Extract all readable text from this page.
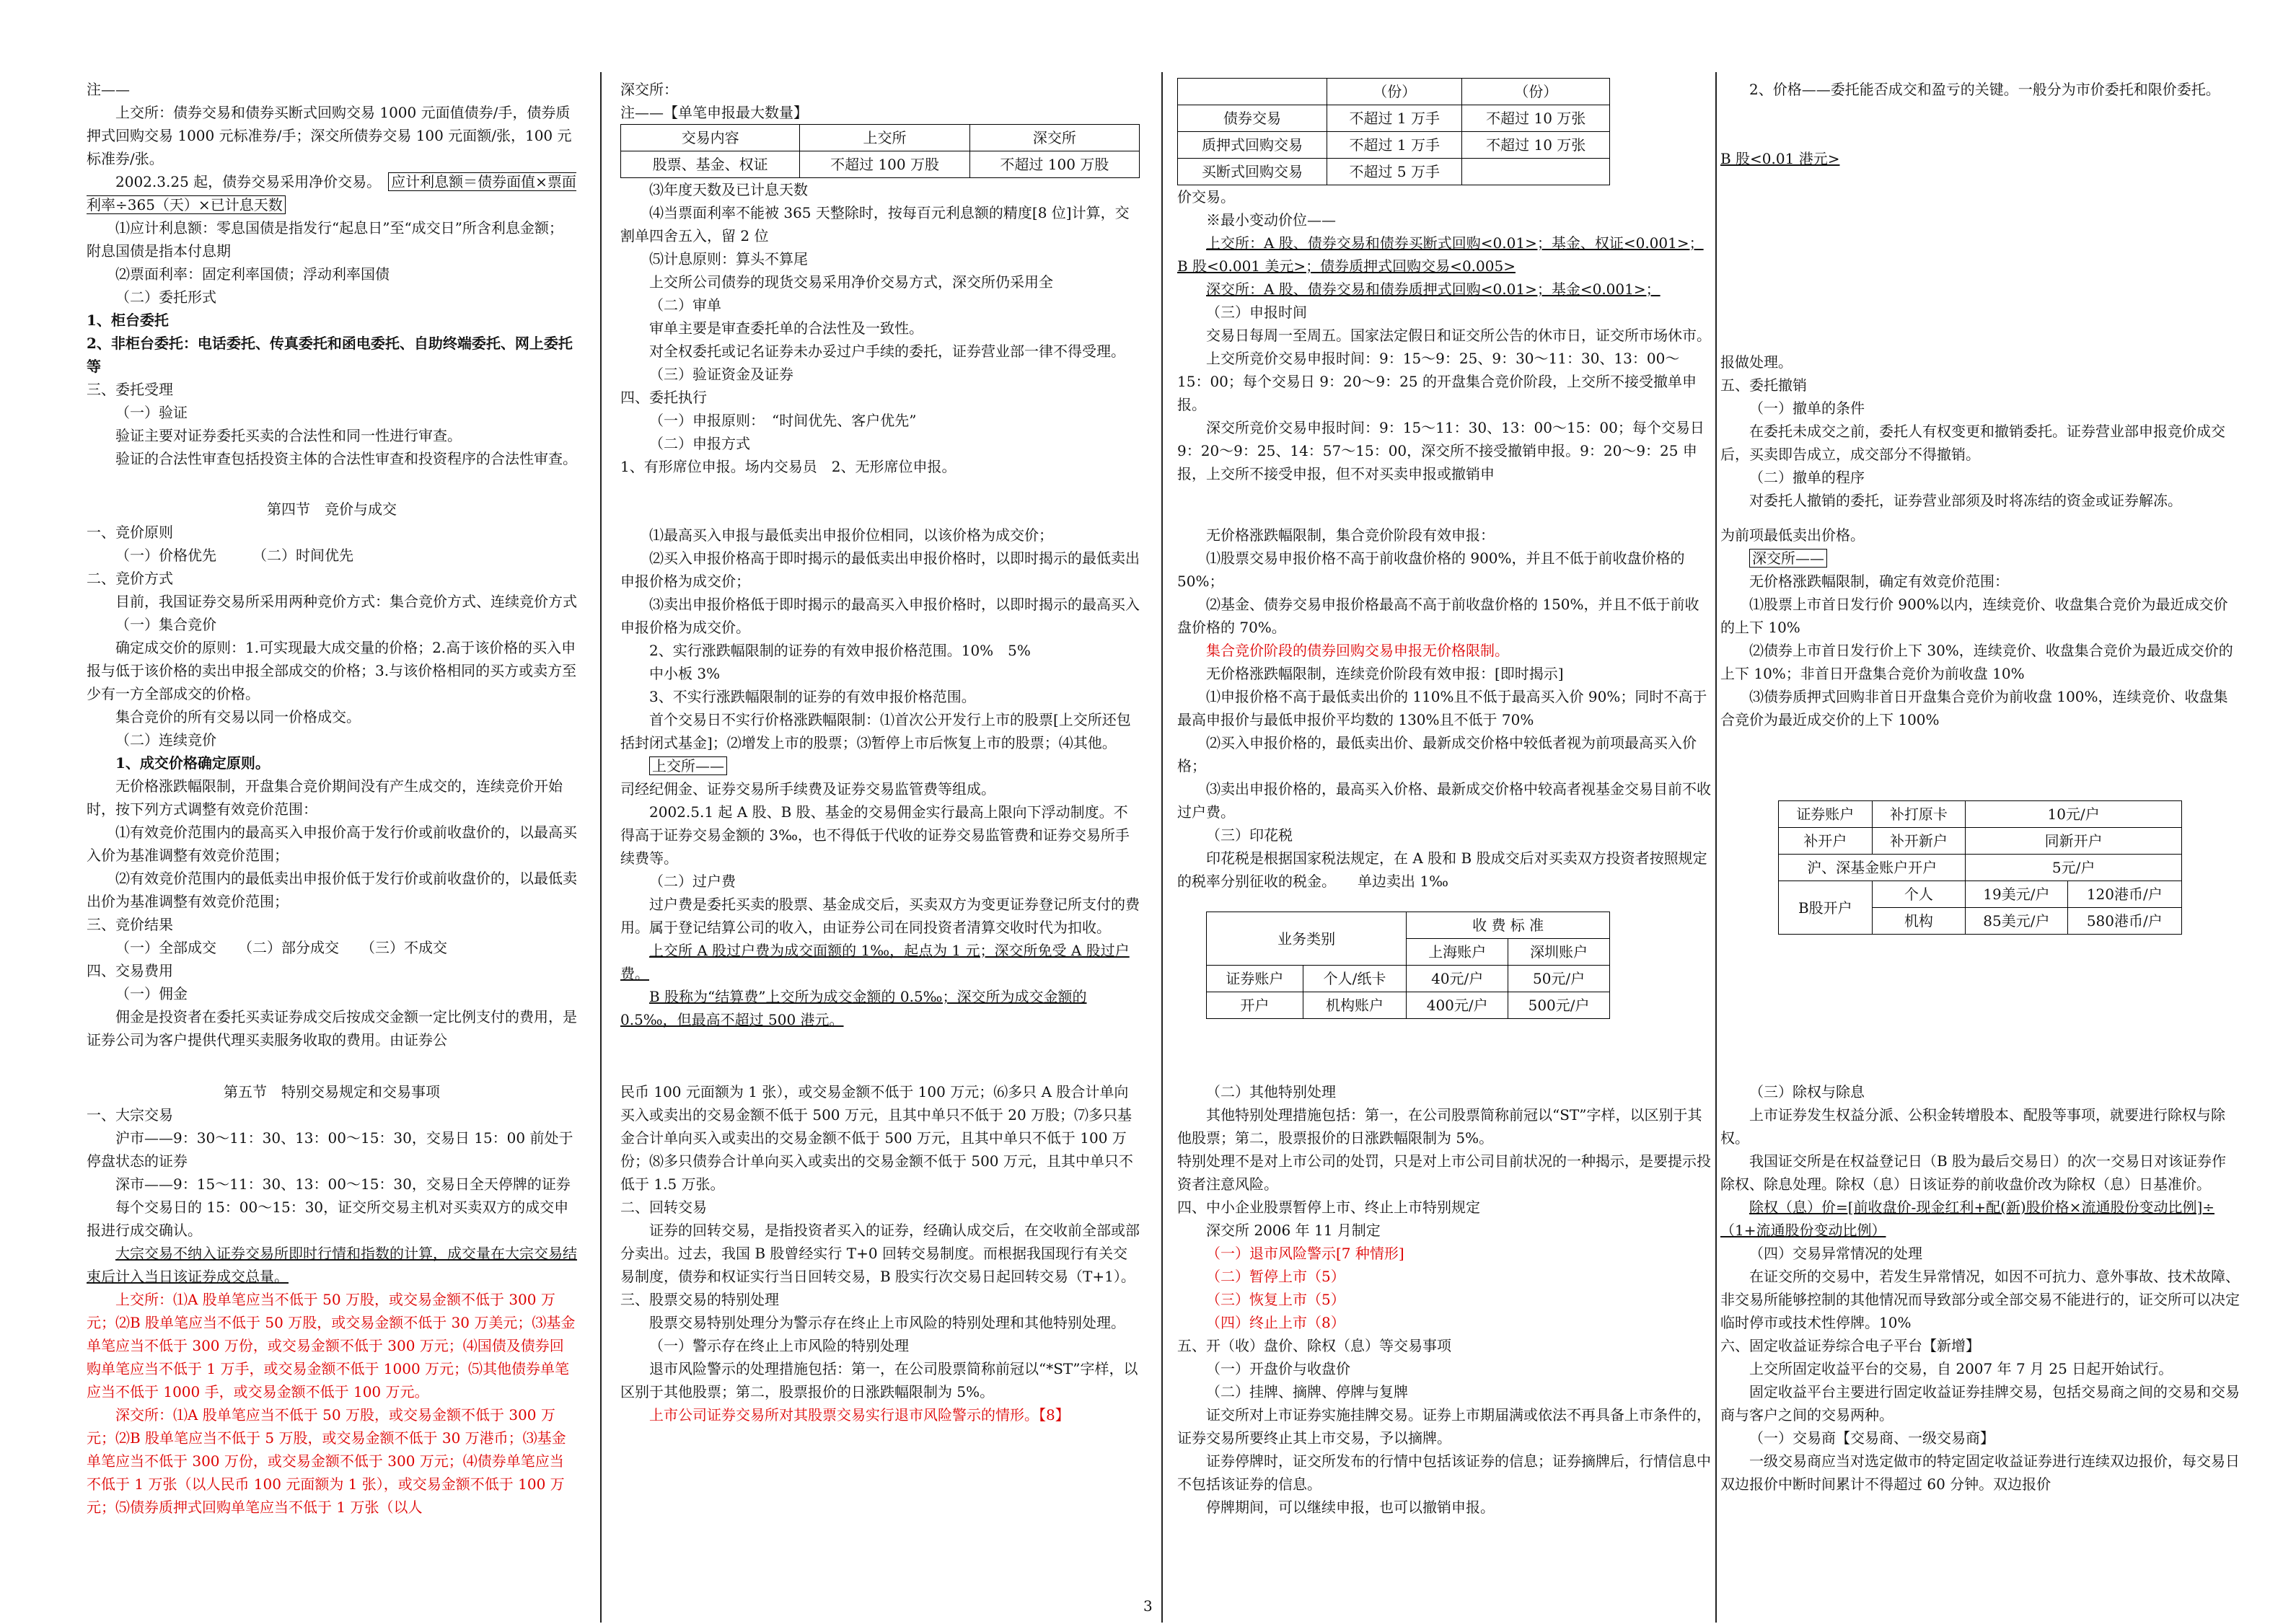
注——

上交所：债券交易和债券买断式回购交易 1000 元面值债券/手，债券质押式回购交易 1000 元标准券/手；深交所债券交易 100 元面额/张，100 元标准券/张。

2002.3.25 起，债券交易采用净价交易。　 应计利息额＝债券面值×票面利率÷365（天）×已计息天数

⑴应计利息额：零息国债是指发行“起息日”至“成交日”所含利息金额；附息国债是指本付息期

⑵票面利率：固定利率国债；浮动利率国债

（二）委托形式

1、柜台委托

2、非柜台委托：电话委托、传真委托和函电委托、自助终端委托、网上委托等

三、委托受理

（一）验证

验证主要对证券委托买卖的合法性和同一性进行审查。

验证的合法性审查包括投资主体的合法性审查和投资程序的合法性审查。

第四节　竞价与成交

一、竞价原则

（一）价格优先　　　（二）时间优先

二、竞价方式

目前，我国证券交易所采用两种竞价方式：集合竞价方式、连续竞价方式

（一）集合竞价

确定成交价的原则：1.可实现最大成交量的价格；2.高于该价格的买入申报与低于该价格的卖出申报全部成交的价格；3.与该价格相同的买方或卖方至少有一方全部成交的价格。

集合竞价的所有交易以同一价格成交。

（二）连续竞价

1、成交价格确定原则。

无价格涨跌幅限制，开盘集合竞价期间没有产生成交的，连续竞价开始时，按下列方式调整有效竞价范围：

⑴有效竞价范围内的最高买入申报价高于发行价或前收盘价的，以最高买入价为基准调整有效竞价范围；

⑵有效竞价范围内的最低卖出申报价低于发行价或前收盘价的，以最低卖出价为基准调整有效竞价范围；

三、竞价结果

（一）全部成交　　（二）部分成交　　（三）不成交

四、交易费用

（一）佣金

佣金是投资者在委托买卖证券成交后按成交金额一定比例支付的费用，是证券公司为客户提供代理买卖服务收取的费用。由证券公

第五节　特别交易规定和交易事项

一、大宗交易

沪市——9：30～11：30、13：00～15：30，交易日 15：00 前处于停盘状态的证券

深市——9：15～11：30、13：00～15：30，交易日全天停牌的证券

每个交易日的 15：00～15：30，证交所交易主机对买卖双方的成交申报进行成交确认。

大宗交易不纳入证券交易所即时行情和指数的计算，成交量在大宗交易结束后计入当日该证券成交总量。

上交所：⑴A 股单笔应当不低于 50 万股，或交易金额不低于 300 万元；⑵B 股单笔应当不低于 50 万股，或交易金额不低于 30 万美元；⑶基金单笔应当不低于 300 万份，或交易金额不低于 300 万元；⑷国债及债券回购单笔应当不低于 1 万手，或交易金额不低于 1000 万元；⑸其他债券单笔应当不低于 1000 手，或交易金额不低于 100 万元。

深交所：⑴A 股单笔应当不低于 50 万股，或交易金额不低于 300 万元；⑵B 股单笔应当不低于 5 万股，或交易金额不低于 30 万港币；⑶基金单笔应当不低于 300 万份，或交易金额不低于 300 万元；⑷债券单笔应当不低于 1 万张（以人民币 100 元面额为 1 张），或交易金额不低于 100 万元；⑸债券质押式回购单笔应当不低于 1 万张（以人

深交所：

注——【单笔申报最大数量】

交易内容	上交所	深交所
股票、基金、权证	不超过 100 万股	不超过 100 万股

⑶年度天数及已计息天数

⑷当票面利率不能被 365 天整除时，按每百元利息额的精度[8 位]计算，交割单四舍五入，留 2 位

⑸计息原则：算头不算尾

上交所公司债券的现货交易采用净价交易方式，深交所仍采用全

（二）审单

审单主要是审查委托单的合法性及一致性。

对全权委托或记名证券未办妥过户手续的委托，证券营业部一律不得受理。

（三）验证资金及证券

四、委托执行

（一）申报原则：　“时间优先、客户优先”

（二）申报方式

1、有形席位申报。场内交易员　2、无形席位申报。

⑴最高买入申报与最低卖出申报价位相同，以该价格为成交价；

⑵买入申报价格高于即时揭示的最低卖出申报价格时，以即时揭示的最低卖出申报价格为成交价；

⑶卖出申报价格低于即时揭示的最高买入申报价格时，以即时揭示的最高买入申报价格为成交价。

2、实行涨跌幅限制的证券的有效申报价格范围。10%　5%

中小板 3%

3、不实行涨跌幅限制的证券的有效申报价格范围。

首个交易日不实行价格涨跌幅限制：⑴首次公开发行上市的股票[上交所还包括封闭式基金]；⑵增发上市的股票；⑶暂停上市后恢复上市的股票；⑷其他。

上交所——

司经纪佣金、证券交易所手续费及证券交易监管费等组成。

2002.5.1 起 A 股、B 股、基金的交易佣金实行最高上限向下浮动制度。不得高于证券交易金额的 3‰，也不得低于代收的证券交易监管费和证券交易所手续费等。

（二）过户费

过户费是委托买卖的股票、基金成交后，买卖双方为变更证券登记所支付的费用。属于登记结算公司的收入，由证券公司在同投资者清算交收时代为扣收。

上交所 A 股过户费为成交面额的 1‰，起点为 1 元；深交所免受 A 股过户费。

B 股称为“结算费”上交所为成交金额的 0.5‰；深交所为成交金额的 0.5‰，但最高不超过 500 港元。

民币 100 元面额为 1 张），或交易金额不低于 100 万元；⑹多只 A 股合计单向买入或卖出的交易金额不低于 500 万元，且其中单只不低于 20 万股；⑺多只基金合计单向买入或卖出的交易金额不低于 500 万元，且其中单只不低于 100 万份；⑻多只债券合计单向买入或卖出的交易金额不低于 500 万元，且其中单只不低于 1.5 万张。

二、回转交易

证券的回转交易，是指投资者买入的证券，经确认成交后，在交收前全部或部分卖出。过去，我国 B 股曾经实行 T+0 回转交易制度。而根据我国现行有关交易制度，债券和权证实行当日回转交易，B 股实行次交易日起回转交易（T+1）。

三、股票交易的特别处理

股票交易特别处理分为警示存在终止上市风险的特别处理和其他特别处理。

（一）警示存在终止上市风险的特别处理

退市风险警示的处理措施包括：第一，在公司股票简称前冠以“*ST”字样，以区别于其他股票；第二，股票报价的日涨跌幅限制为 5%。

上市公司证券交易所对其股票交易实行退市风险警示的情形。【8】

	（份）	（份）
债券交易	不超过 1 万手	不超过 10 万张
质押式回购交易	不超过 1 万手	不超过 10 万张
买断式回购交易	不超过 5 万手	

价交易。

※最小变动价位——

上交所：A 股、债券交易和债券买断式回购<0.01>；基金、权证<0.001>；B 股<0.001 美元>；债券质押式回购交易<0.005>

深交所：A 股、债券交易和债券质押式回购<0.01>；基金<0.001>；

（三）申报时间

交易日每周一至周五。国家法定假日和证交所公告的休市日，证交所市场休市。

上交所竞价交易申报时间：9：15～9：25、9：30～11：30、13：00～15：00；每个交易日 9：20～9：25 的开盘集合竞价阶段，上交所不接受撤单申报。

深交所竞价交易申报时间：9：15～11：30、13：00～15：00；每个交易日 9：20～9：25、14：57～15：00，深交所不接受撤销申报。9：20～9：25 申报，上交所不接受申报，但不对买卖申报或撤销申

无价格涨跌幅限制，集合竞价阶段有效申报：

⑴股票交易申报价格不高于前收盘价格的 900%，并且不低于前收盘价格的 50%；

⑵基金、债券交易申报价格最高不高于前收盘价格的 150%，并且不低于前收盘价格的 70%。

集合竞价阶段的债券回购交易申报无价格限制。

无价格涨跌幅限制，连续竞价阶段有效申报：[即时揭示]

⑴申报价格不高于最低卖出价的 110%且不低于最高买入价 90%；同时不高于最高申报价与最低申报价平均数的 130%且不低于 70%

⑵买入申报价格的，最低卖出价、最新成交价格中较低者视为前项最高买入价格；

⑶卖出申报价格的，最高买入价格、最新成交价格中较高者视基金交易目前不收过户费。

（三）印花税

印花税是根据国家税法规定，在 A 股和 B 股成交后对买卖双方投资者按照规定的税率分别征收的税金。　　单边卖出 1‰

业务类别		收 费 标 准	
		上海账户	深圳账户
证券账户	个人/纸卡	40元/户	50元/户
开户	机构账户	400元/户	500元/户

（二）其他特别处理

其他特别处理措施包括：第一，在公司股票简称前冠以“ST”字样，以区别于其他股票；第二，股票报价的日涨跌幅限制为 5%。

特别处理不是对上市公司的处罚，只是对上市公司目前状况的一种揭示，是要提示投资者注意风险。

四、中小企业股票暂停上市、终止上市特别规定

深交所 2006 年 11 月制定

（一）退市风险警示[7 种情形]

（二）暂停上市（5）

（三）恢复上市（5）

（四）终止上市（8）

五、开（收）盘价、除权（息）等交易事项

（一）开盘价与收盘价

（二）挂牌、摘牌、停牌与复牌

证交所对上市证券实施挂牌交易。证券上市期届满或依法不再具备上市条件的，证券交易所要终止其上市交易，予以摘牌。

证券停牌时，证交所发布的行情中包括该证券的信息；证券摘牌后，行情信息中不包括该证券的信息。

停牌期间，可以继续申报，也可以撤销申报。

2、价格——委托能否成交和盈亏的关键。一般分为市价委托和限价委托。

B 股<0.01 港元>

报做处理。

五、委托撤销

（一）撤单的条件

在委托未成交之前，委托人有权变更和撤销委托。证券营业部申报竞价成交后，买卖即告成立，成交部分不得撤销。

（二）撤单的程序

对委托人撤销的委托，证券营业部须及时将冻结的资金或证券解冻。

为前项最低卖出价格。

深交所——

无价格涨跌幅限制，确定有效竞价范围：

⑴股票上市首日发行价 900%以内，连续竞价、收盘集合竞价为最近成交价的上下 10%

⑵债券上市首日发行价上下 30%，连续竞价、收盘集合竞价为最近成交价的上下 10%；非首日开盘集合竞价为前收盘 10%

⑶债券质押式回购非首日开盘集合竞价为前收盘 100%，连续竞价、收盘集合竞价为最近成交价的上下 100%

证券账户	补打原卡	10元/户	
补开户	补开新户	同新开户	
沪、深基金账户开户		5元/户	
B股开户	个人	19美元/户	120港币/户
	机构	85美元/户	580港币/户

（三）除权与除息

上市证券发生权益分派、公积金转增股本、配股等事项，就要进行除权与除权。

我国证交所是在权益登记日（B 股为最后交易日）的次一交易日对该证券作除权、除息处理。除权（息）日该证券的前收盘价改为除权（息）日基准价。

除权（息）价=[前收盘价-现金红利+配(新)股价格×流通股份变动比例]÷（1+流通股份变动比例）

（四）交易异常情况的处理

在证交所的交易中，若发生异常情况，如因不可抗力、意外事故、技术故障、非交易所能够控制的其他情况而导致部分或全部交易不能进行的，证交所可以决定临时停市或技术性停牌。10%

六、固定收益证券综合电子平台【新增】

上交所固定收益平台的交易，自 2007 年 7 月 25 日起开始试行。

固定收益平台主要进行固定收益证券挂牌交易，包括交易商之间的交易和交易商与客户之间的交易两种。

（一）交易商【交易商、一级交易商】

一级交易商应当对选定做市的特定固定收益证券进行连续双边报价，每交易日双边报价中断时间累计不得超过 60 分钟。双边报价

3
